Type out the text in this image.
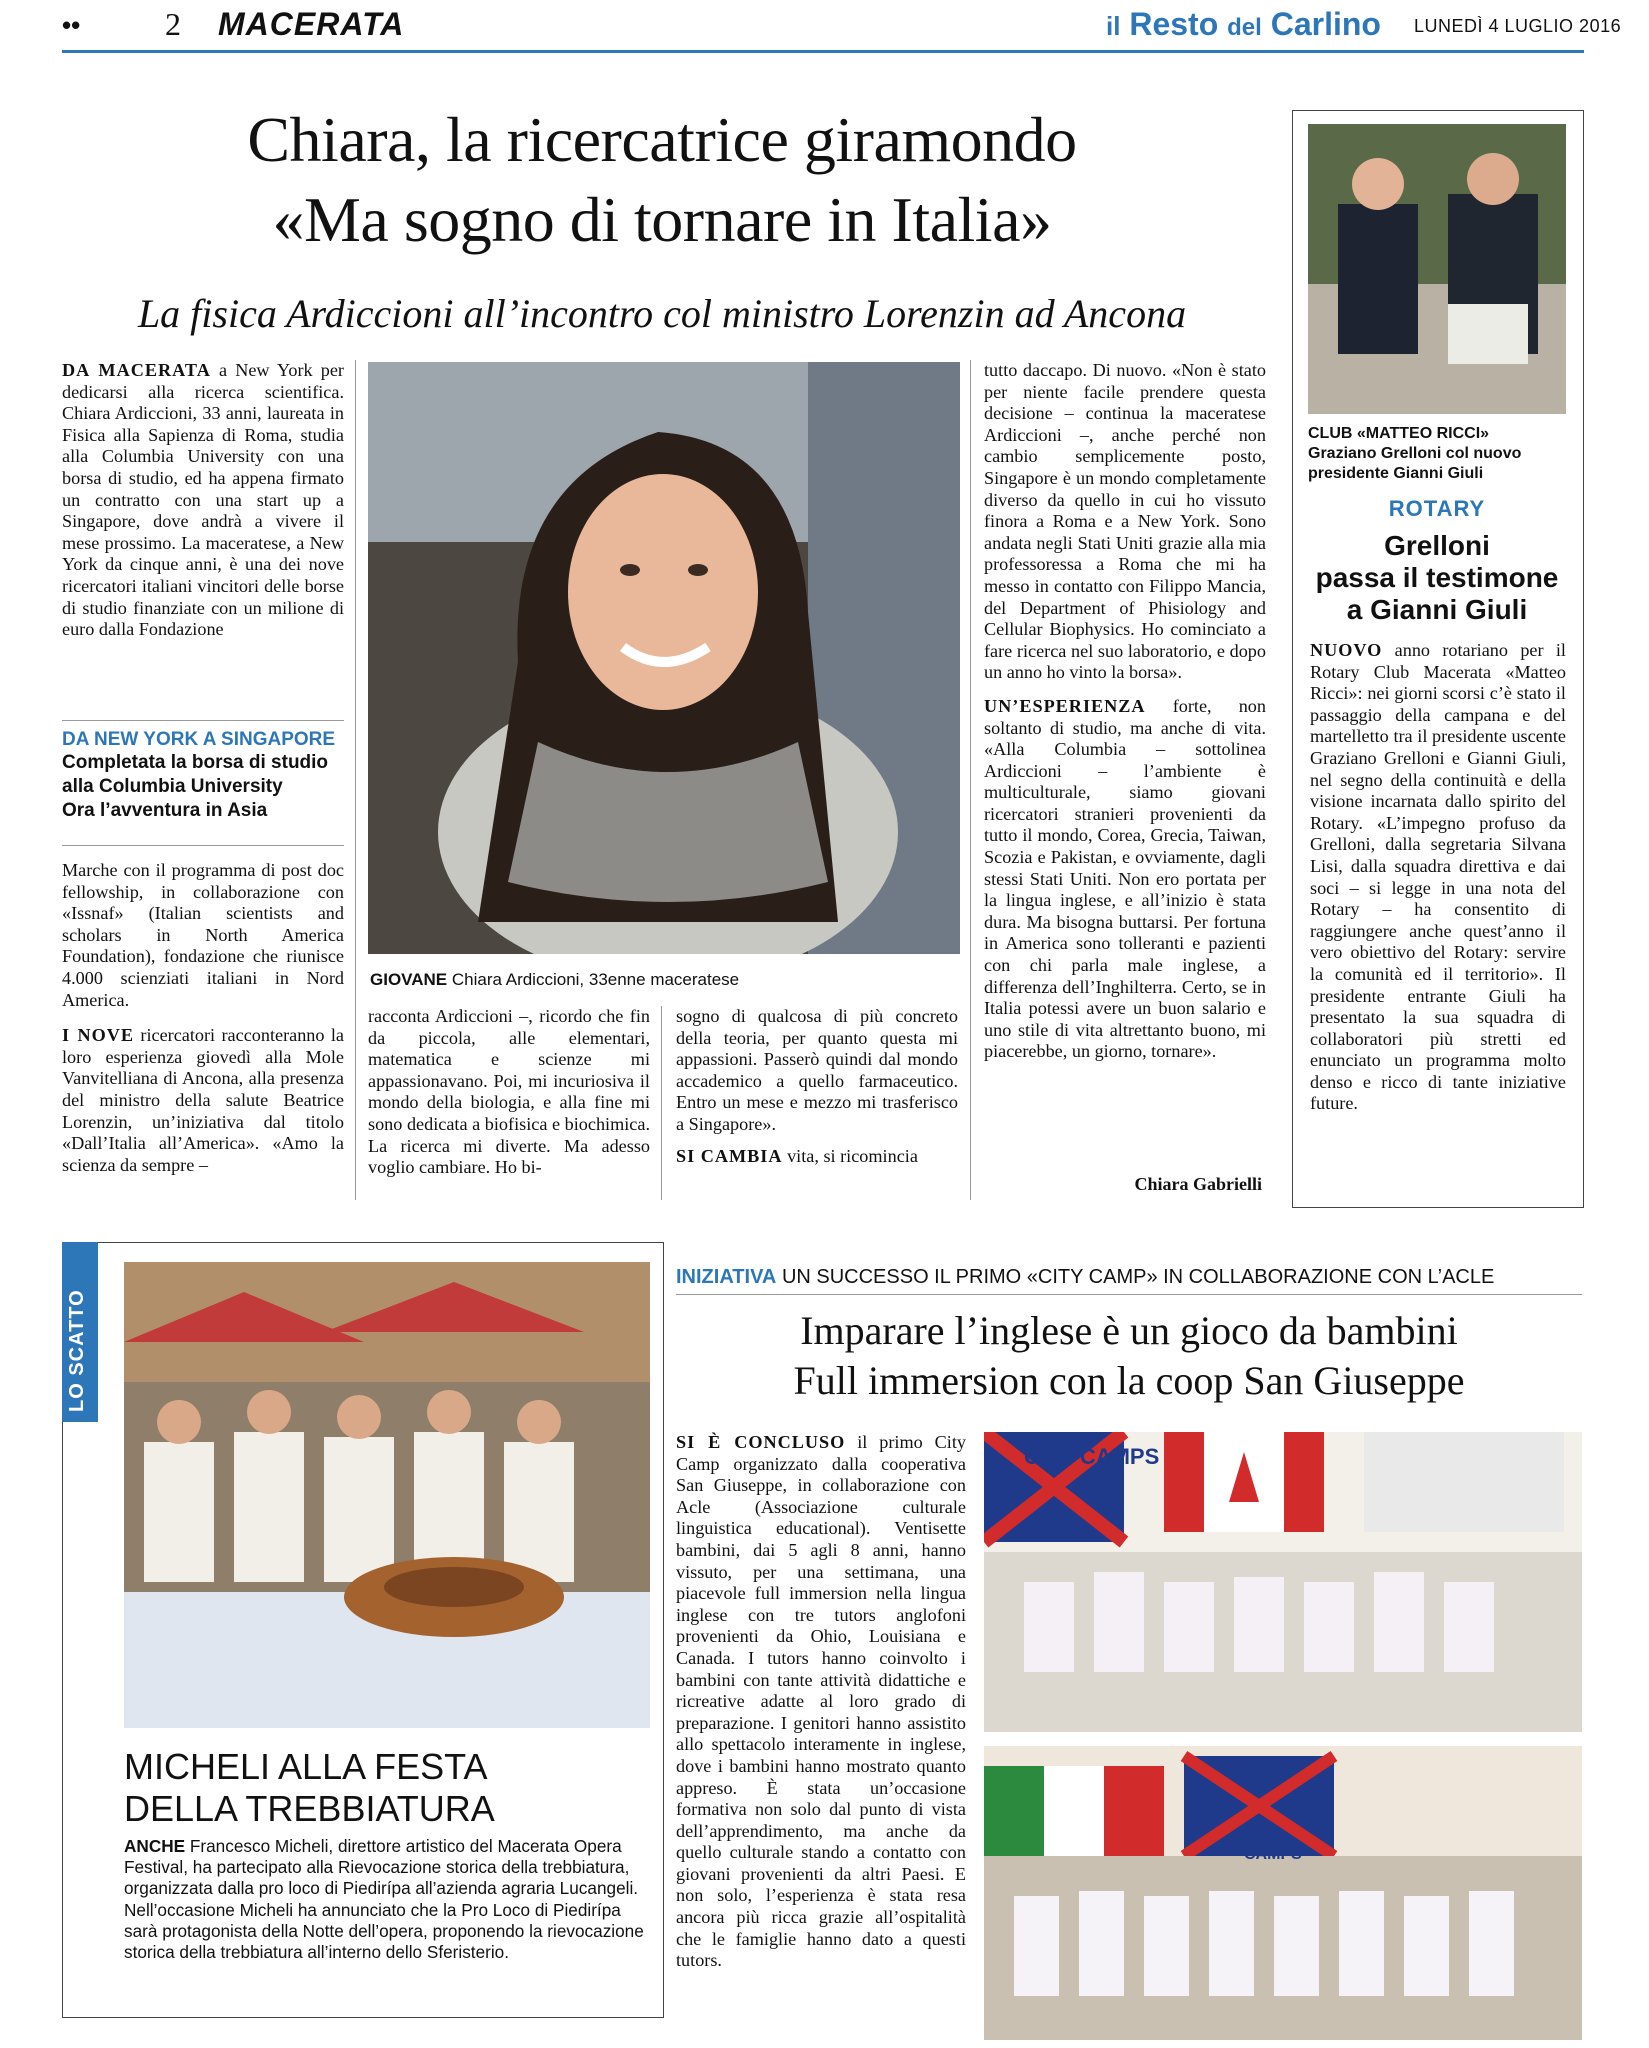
••	2 MACERATA	il Resto del Carlino LUNEDÌ 4 LUGLIO 2016
Chiara, la ricercatrice giramondo
«Ma sogno di tornare in Italia»
La fisica Ardiccioni all’incontro col ministro Lorenzin ad Ancona

DA MACERATA a New York per dedicarsi alla ricerca scientifica. Chiara Ardiccioni, 33 anni, laureata in Fisica alla Sapienza di Roma, studia alla Columbia University con una borsa di studio, ed ha appena firmato un contratto con una start up a Singapore, dove andrà a vivere il mese prossimo. La maceratese, a New York da cinque anni, è una dei nove ricercatori italiani vincitori delle borse di studio finanziate con un milione di euro dalla Fondazione

DA NEW YORK A SINGAPORE
Completata la borsa di studio
alla Columbia University
Ora l’avventura in Asia

Marche con il programma di post doc fellowship, in collaborazione con «Issnaf» (Italian scientists and scholars in North America Foundation), fondazione che riunisce 4.000 scienziati italiani in Nord America.

I NOVE ricercatori racconteranno la loro esperienza giovedì alla Mole Vanvitelliana di Ancona, alla presenza del ministro della salute Beatrice Lorenzin, un’iniziativa dal titolo «Dall’Italia all’America». «Amo la scienza da sempre –

GIOVANE Chiara Ardiccioni, 33enne maceratese

racconta Ardiccioni –, ricordo che fin da piccola, alle elementari, matematica e scienze mi appassionavano. Poi, mi incuriosiva il mondo della biologia, e alla fine mi sono dedicata a biofisica e biochimica. La ricerca mi diverte. Ma adesso voglio cambiare. Ho bi-

sogno di qualcosa di più concreto della teoria, per quanto questa mi appassioni. Passerò quindi dal mondo accademico a quello farmaceutico. Entro un mese e mezzo mi trasferisco a Singapore».

SI CAMBIA vita, si ricomincia

tutto daccapo. Di nuovo. «Non è stato per niente facile prendere questa decisione – continua la maceratese Ardiccioni –, anche perché non cambio semplicemente posto, Singapore è un mondo completamente diverso da quello in cui ho vissuto finora a Roma e a New York. Sono andata negli Stati Uniti grazie alla mia professoressa a Roma che mi ha messo in contatto con Filippo Mancia, del Department of Phisiology and Cellular Biophysics. Ho cominciato a fare ricerca nel suo laboratorio, e dopo un anno ho vinto la borsa».

UN’ESPERIENZA forte, non soltanto di studio, ma anche di vita. «Alla Columbia – sottolinea Ardiccioni – l’ambiente è multiculturale, siamo giovani ricercatori stranieri provenienti da tutto il mondo, Corea, Grecia, Taiwan, Scozia e Pakistan, e ovviamente, dagli stessi Stati Uniti. Non ero portata per la lingua inglese, e all’inizio è stata dura. Ma bisogna buttarsi. Per fortuna in America sono tolleranti e pazienti con chi parla male inglese, a differenza dell’Inghilterra. Certo, se in Italia potessi avere un buon salario e uno stile di vita altrettanto buono, mi piacerebbe, un giorno, tornare».

Chiara Gabrielli
CLUB «MATTEO RICCI»
Graziano Grelloni col nuovo presidente Gianni Giuli
ROTARY
Grelloni
passa il testimone
a Gianni Giuli

NUOVO anno rotariano per il Rotary Club Macerata «Matteo Ricci»: nei giorni scorsi c’è stato il passaggio della campana e del martelletto tra il presidente uscente Graziano Grelloni e Gianni Giuli, nel segno della continuità e della visione incarnata dallo spirito del Rotary. «L’impegno profuso da Grelloni, dalla segretaria Silvana Lisi, dalla squadra direttiva e dai soci – si legge in una nota del Rotary – ha consentito di raggiungere anche quest’anno il vero obiettivo del Rotary: servire la comunità ed il territorio». Il presidente entrante Giuli ha presentato la sua squadra di collaboratori più stretti ed enunciato un programma molto denso e ricco di tante iniziative future.

LO SCATTO
MICHELI ALLA FESTA
DELLA TREBBIATURA
ANCHE Francesco Micheli, direttore artistico del Macerata Opera Festival, ha partecipato alla Rievocazione storica della trebbiatura, organizzata dalla pro loco di Piedirípa all’azienda agraria Lucangeli. Nell’occasione Micheli ha annunciato che la Pro Loco di Piedirípa sarà protagonista della Notte dell’opera, proponendo la rievocazione storica della trebbiatura all’interno dello Sferisterio.
INIZIATIVA UN SUCCESSO IL PRIMO «CITY CAMP» IN COLLABORAZIONE CON L’ACLE
Imparare l’inglese è un gioco da bambini
Full immersion con la coop San Giuseppe

SI È CONCLUSO il primo City Camp organizzato dalla cooperativa San Giuseppe, in collaborazione con Acle (Associazione culturale linguistica educational). Ventisette bambini, dai 5 agli 8 anni, hanno vissuto, per una settimana, una piacevole full immersion nella lingua inglese con tre tutors anglofoni provenienti da Ohio, Louisiana e Canada. I tutors hanno coinvolto i bambini con tante attività didattiche e ricreative adatte al loro grado di preparazione. I genitori hanno assistito allo spettacolo interamente in inglese, dove i bambini hanno mostrato quanto appreso. È stata un’occasione formativa non solo dal punto di vista dell’apprendimento, ma anche da quello culturale stando a contatto con giovani provenienti da altri Paesi. E non solo, l’esperienza è stata resa ancora più ricca grazie all’ospitalità che le famiglie hanno dato a questi tutors.

CITY CAMPS
CAMPS
